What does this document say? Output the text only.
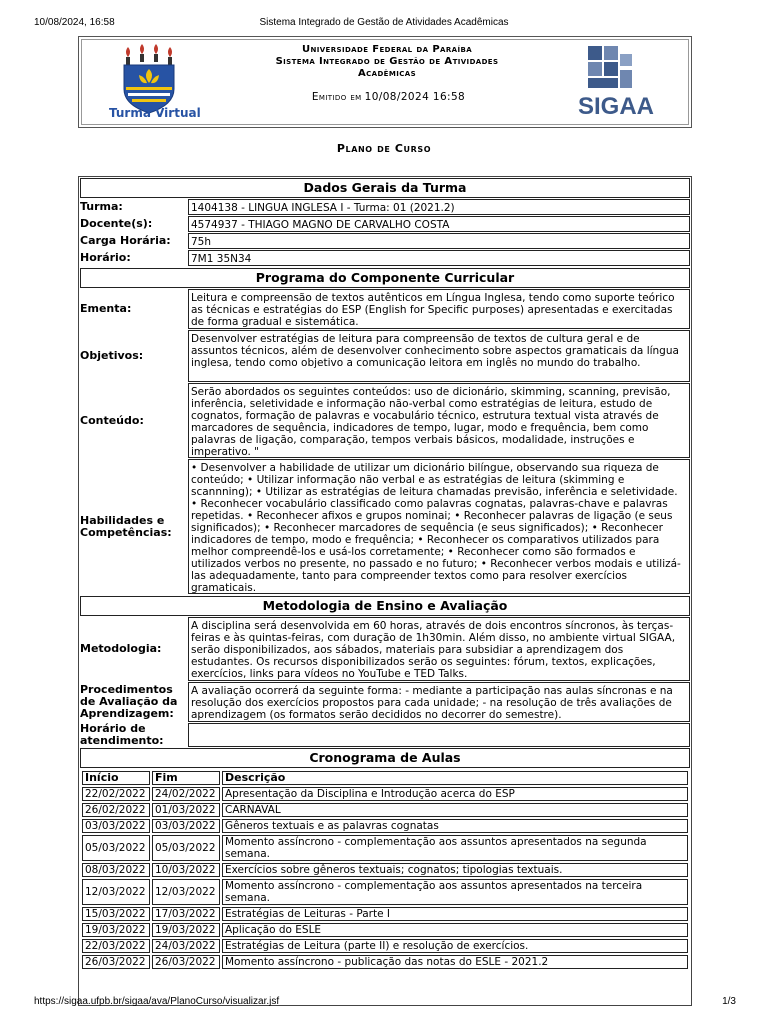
10/08/2024, 16:58	Sistema Integrado de Gestão de Atividades Acadêmicas
Turma Virtual
Universidade Federal da Paraíba
Sistema Integrado de Gestão de Atividades
Acadêmicas
Emitido em 10/08/2024 16:58	SIGAA
Plano de Curso
Dados Gerais da Turma
Turma:	1404138 - LINGUA INGLESA I - Turma: 01 (2021.2)
Docente(s):	4574937 - THIAGO MAGNO DE CARVALHO COSTA
Carga Horária:	75h
Horário:	7M1 35N34
Programa do Componente Curricular
Ementa:
Leitura e compreensão de textos autênticos em Língua Inglesa, tendo como suporte teórico as técnicas e estratégias do ESP (English for Specific purposes) apresentadas e exercitadas de forma gradual e sistemática.
Objetivos:
Desenvolver estratégias de leitura para compreensão de textos de cultura geral e de assuntos técnicos, além de desenvolver conhecimento sobre aspectos gramaticais da língua inglesa, tendo como objetivo a comunicação leitora em inglês no mundo do trabalho.
Conteúdo:
Serão abordados os seguintes conteúdos: uso de dicionário, skimming, scanning, previsão, inferência, seletividade e informação não-verbal como estratégias de leitura, estudo de cognatos, formação de palavras e vocabulário técnico, estrutura textual vista através de marcadores de sequência, indicadores de tempo, lugar, modo e frequência, bem como palavras de ligação, comparação, tempos verbais básicos, modalidade, instruções e imperativo. "
Habilidades e Competências:
• Desenvolver a habilidade de utilizar um dicionário bilíngue, observando sua riqueza de conteúdo; • Utilizar informação não verbal e as estratégias de leitura (skimming e scannning); • Utilizar as estratégias de leitura chamadas previsão, inferência e seletividade. • Reconhecer vocabulário classificado como palavras cognatas, palavras-chave e palavras repetidas. • Reconhecer afixos e grupos nominai; • Reconhecer palavras de ligação (e seus significados); • Reconhecer marcadores de sequência (e seus significados); • Reconhecer indicadores de tempo, modo e frequência; • Reconhecer os comparativos utilizados para melhor compreendê-los e usá-los corretamente; • Reconhecer como são formados e utilizados verbos no presente, no passado e no futuro; • Reconhecer verbos modais e utilizá-las adequadamente, tanto para compreender textos como para resolver exercícios gramaticais.
Metodologia de Ensino e Avaliação
Metodologia:
A disciplina será desenvolvida em 60 horas, através de dois encontros síncronos, às terças-feiras e às quintas-feiras, com duração de 1h30min. Além disso, no ambiente virtual SIGAA, serão disponibilizados, aos sábados, materiais para subsidiar a aprendizagem dos estudantes. Os recursos disponibilizados serão os seguintes: fórum, textos, explicações, exercícios, links para vídeos no YouTube e TED Talks.
Procedimentos de Avaliação da Aprendizagem:
A avaliação ocorrerá da seguinte forma: - mediante a participação nas aulas síncronas e na resolução dos exercícios propostos para cada unidade; - na resolução de três avaliações de aprendizagem (os formatos serão decididos no decorrer do semestre).
Horário de atendimento:
Cronograma de Aulas
Início	Fim	Descrição
22/02/2022	24/02/2022	Apresentação da Disciplina e Introdução acerca do ESP
26/02/2022	01/03/2022	CARNAVAL
03/03/2022	03/03/2022	Gêneros textuais e as palavras cognatas
05/03/2022	05/03/2022	Momento assíncrono - complementação aos assuntos apresentados na segunda semana.
08/03/2022	10/03/2022	Exercícios sobre gêneros textuais; cognatos; tipologias textuais.
12/03/2022	12/03/2022	Momento assíncrono - complementação aos assuntos apresentados na terceira semana.
15/03/2022	17/03/2022	Estratégias de Leituras - Parte I
19/03/2022	19/03/2022	Aplicação do ESLE
22/03/2022	24/03/2022	Estratégias de Leitura (parte II) e resolução de exercícios.
26/03/2022	26/03/2022	Momento assíncrono - publicação das notas do ESLE - 2021.2
https://sigaa.ufpb.br/sigaa/ava/PlanoCurso/visualizar.jsf	1/3
